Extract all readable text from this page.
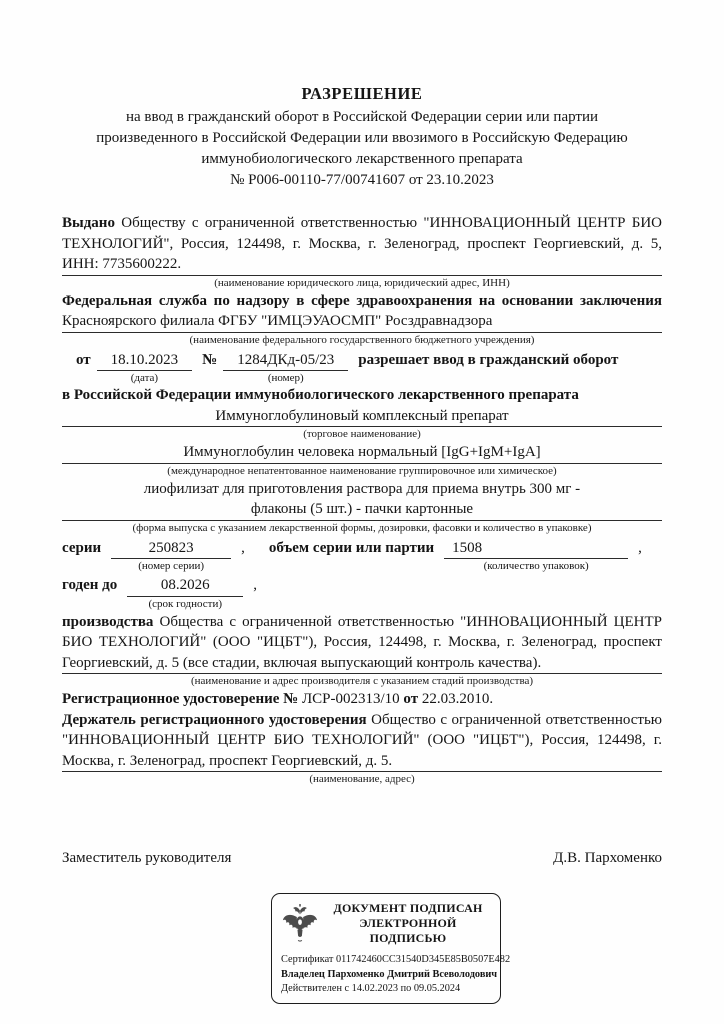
РАЗРЕШЕНИЕ
на ввод в гражданский оборот в Российской Федерации серии или партии
произведенного в Российской Федерации или ввозимого в Российскую Федерацию
иммунобиологического лекарственного препарата
№ Р006-00110-77/00741607 от 23.10.2023

Выдано Обществу с ограниченной ответственностью "ИННОВАЦИОННЫЙ ЦЕНТР БИО ТЕХНОЛОГИЙ", Россия, 124498, г. Москва, г. Зеленоград, проспект Георгиевский, д. 5, ИНН: 7735600222.

(наименование юридического лица, юридический адрес, ИНН)

Федеральная служба по надзору в сфере здравоохранения на основании заключения Красноярского филиала ФГБУ "ИМЦЭУАОСМП" Росздравнадзора

(наименование федерального государственного бюджетного учреждения)
от	18.10.2023
(дата)
№	1284ДКд-05/23
(номер)
разрешает ввод в гражданский оборот

в Российской Федерации иммунобиологического лекарственного препарата

Иммуноглобулиновый комплексный препарат
(торговое наименование)
Иммуноглобулин человека нормальный [IgG+IgM+IgA]
(международное непатентованное наименование группировочное или химическое)
лиофилизат для приготовления раствора для приема внутрь 300 мг -
флаконы (5 шт.) - пачки картонные
(форма выпуска с указанием лекарственной формы, дозировки, фасовки и количество в упаковке)
серии	250823
(номер серии)
, объем серии или партии	1508
(количество упаковок)
,
годен до	08.2026
(срок годности)
,

производства Общества с ограниченной ответственностью "ИННОВАЦИОННЫЙ ЦЕНТР БИО ТЕХНОЛОГИЙ" (ООО "ИЦБТ"), Россия, 124498, г. Москва, г. Зеленоград, проспект Георгиевский, д. 5 (все стадии, включая выпускающий контроль качества).

(наименование и адрес производителя с указанием стадий производства)

Регистрационное удостоверение № ЛСР-002313/10 от 22.03.2010.

Держатель регистрационного удостоверения Общество с ограниченной ответственностью "ИННОВАЦИОННЫЙ ЦЕНТР БИО ТЕХНОЛОГИЙ" (ООО "ИЦБТ"), Россия, 124498, г. Москва, г. Зеленоград, проспект Георгиевский, д. 5.

(наименование, адрес)
Заместитель руководителя	Д.В. Пархоменко
ДОКУМЕНТ ПОДПИСАН
ЭЛЕКТРОННОЙ ПОДПИСЬЮ
Сертификат 011742460CC31540D345E85B0507E482
Владелец Пархоменко Дмитрий Всеволодович
Действителен с 14.02.2023 по 09.05.2024
